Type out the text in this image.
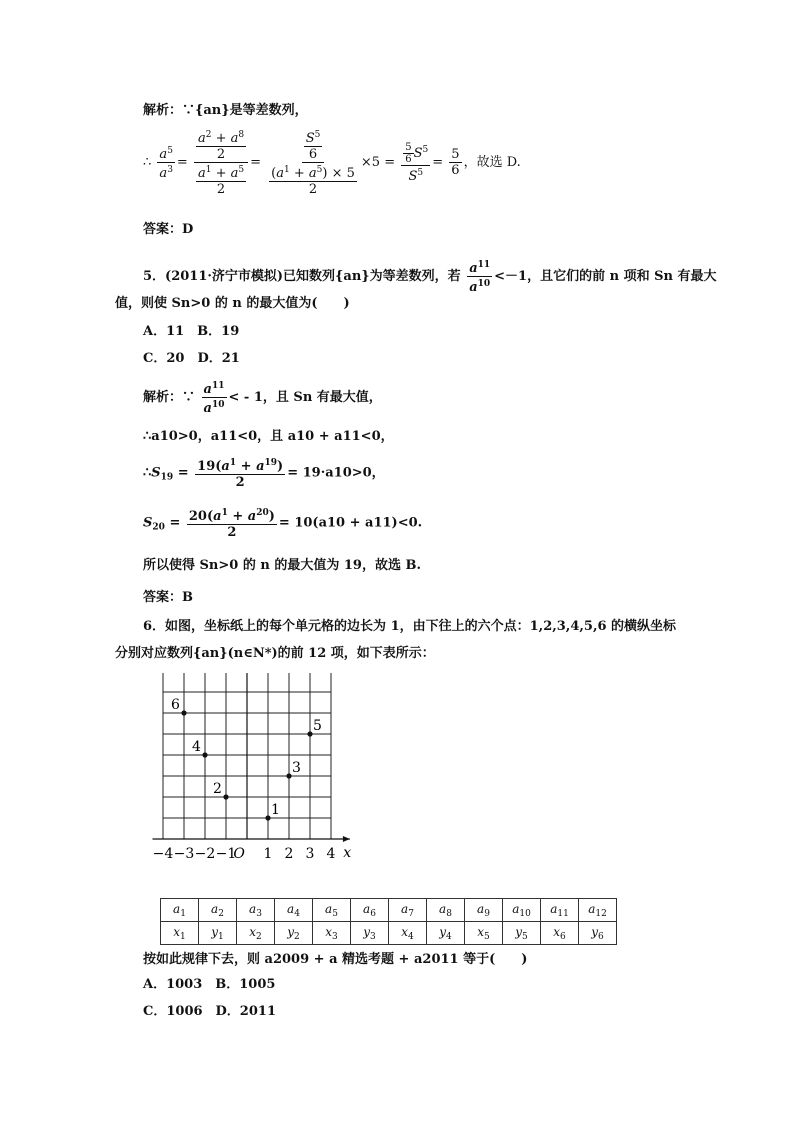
解析：∵{an}是等差数列，
∴ $\frac{a^5}{a^3} = \frac{\frac{a^2 + a^8}{2}}{\frac{a^1 + a^5}{2}} = \frac{\frac{S^5}{6}}{\frac{(a^1 + a^5) \times 5}{2}} \times 5 = \frac{\frac{5}{6} S^5}{S^5} = \frac{5}{6}$ ，故选 D.
答案：D
5．(2011·济宁市模拟)已知数列{an}为等差数列，若 $\frac{a^{11}}{a^{10}} <-1$，且它们的前 n 项和 Sn 有最大
值，则使 Sn>0 的 n 的最大值为(　　)
A．11　B．19
C．20　D．21
解析：∵ $\frac{a^{11}}{a^{10}}$ < - 1，且 Sn 有最大值，
∴a10>0，a11<0，且 a10 + a11<0，
$\therefore S_{19} = \frac{19(a^1 + a^{19})}{2} = 19\cdot a10>0$，
$S_{20} = \frac{20(a^1 + a^{20})}{2} = 10(a10 + a11)<0$.
所以使得 Sn>0 的 n 的最大值为 19，故选 B.
答案：B
6．如图，坐标纸上的每个单元格的边长为 1，由下往上的六个点：1,2,3,4,5,6 的横纵坐标
分别对应数列{an}(n∈N*)的前 12 项，如下表所示：
−4 −3 −2 −1 1 2 3 4
1
2
3
4
5
6
x
O
$a_1$	$a_2$	$a_3$	$a_4$	$a_5$	$a_6$	$a_7$	$a_8$	$a_9$	$a_{10}$	$a_{11}$	$a_{12}$
$x_1$	$y_1$	$x_2$	$y_2$	$x_3$	$y_3$	$x_4$	$y_4$	$x_5$	$y_5$	$x_6$	$y_6$
按如此规律下去，则 a2009 + a 精选考题 + a2011 等于(　　)
A．1003　B．1005
C．1006　D．2011
